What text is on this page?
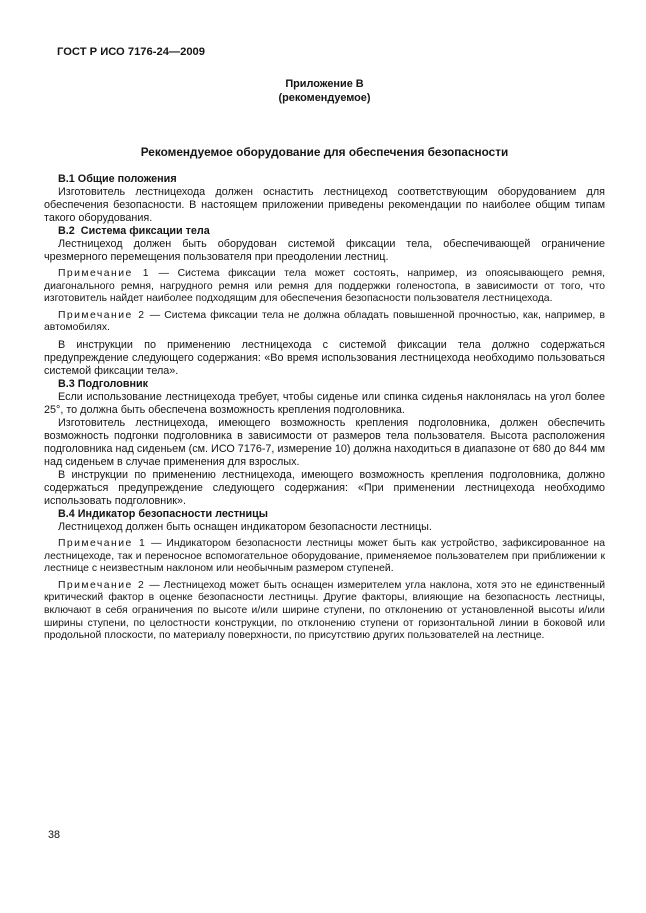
ГОСТ Р ИСО 7176-24—2009
Приложение В
(рекомендуемое)
Рекомендуемое оборудование для обеспечения безопасности

В.1 Общие положения

Изготовитель лестницехода должен оснастить лестницеход соответствующим оборудованием для обеспечения безопасности. В настоящем приложении приведены рекомендации по наиболее общим типам такого оборудования.

В.2  Система фиксации тела

Лестницеход должен быть оборудован системой фиксации тела, обеспечивающей ограничение чрезмерного перемещения пользователя при преодолении лестниц.

Примечание 1 — Система фиксации тела может состоять, например, из опоясывающего ремня, диагонального ремня, нагрудного ремня или ремня для поддержки голеностопа, в зависимости от того, что изготовитель найдет наиболее подходящим для обеспечения безопасности пользователя лестницехода.

Примечание 2 — Система фиксации тела не должна обладать повышенной прочностью, как, например, в автомобилях.

В инструкции по применению лестницехода с системой фиксации тела должно содержаться предупреждение следующего содержания: «Во время использования лестницехода необходимо пользоваться системой фиксации тела».

В.3 Подголовник

Если использование лестницехода требует, чтобы сиденье или спинка сиденья наклонялась на угол более 25°, то должна быть обеспечена возможность крепления подголовника.

Изготовитель лестницехода, имеющего возможность крепления подголовника, должен обеспечить возможность подгонки подголовника в зависимости от размеров тела пользователя. Высота расположения подголовника над сиденьем (см. ИСО 7176-7, измерение 10) должна находиться в диапазоне от 680 до 844 мм над сиденьем в случае применения для взрослых.

В инструкции по применению лестницехода, имеющего возможность крепления подголовника, должно содержаться предупреждение следующего содержания: «При применении лестницехода необходимо использовать подголовник».

В.4 Индикатор безопасности лестницы

Лестницеход должен быть оснащен индикатором безопасности лестницы.

Примечание 1 — Индикатором безопасности лестницы может быть как устройство, зафиксированное на лестницеходе, так и переносное вспомогательное оборудование, применяемое пользователем при приближении к лестнице с неизвестным наклоном или необычным размером ступеней.

Примечание 2 — Лестницеход может быть оснащен измерителем угла наклона, хотя это не единственный критический фактор в оценке безопасности лестницы. Другие факторы, влияющие на безопасность лестницы, включают в себя ограничения по высоте и/или ширине ступени, по отклонению от установленной высоты и/или ширины ступени, по целостности конструкции, по отклонению ступени от горизонтальной линии в боковой или продольной плоскости, по материалу поверхности, по присутствию других пользователей на лестнице.

38
